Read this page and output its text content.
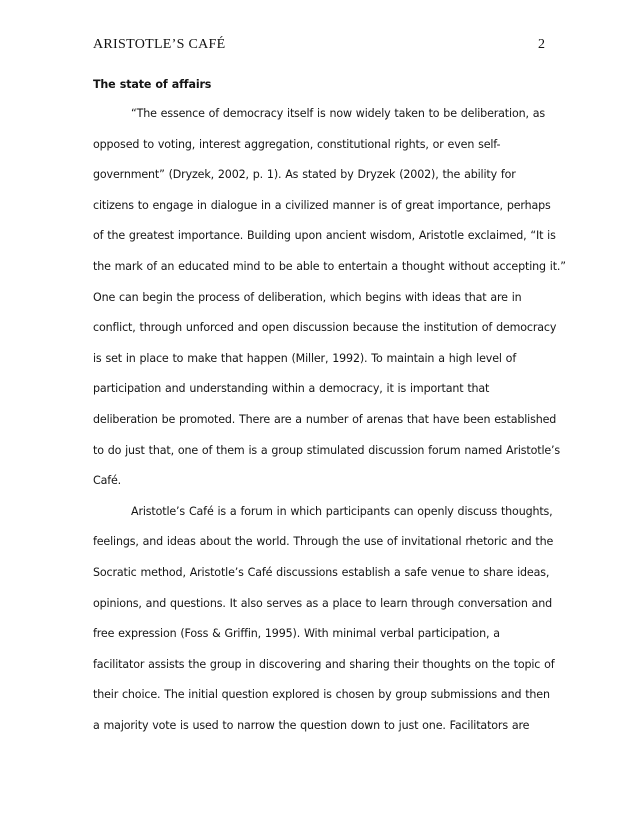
ARISTOTLE’S CAFÉ	2
The state of affairs
“The essence of democracy itself is now widely taken to be deliberation, as
opposed to voting, interest aggregation, constitutional rights, or even self-
government” (Dryzek, 2002, p. 1). As stated by Dryzek (2002), the ability for
citizens to engage in dialogue in a civilized manner is of great importance, perhaps
of the greatest importance. Building upon ancient wisdom, Aristotle exclaimed, “It is
the mark of an educated mind to be able to entertain a thought without accepting it.”
One can begin the process of deliberation, which begins with ideas that are in
conflict, through unforced and open discussion because the institution of democracy
is set in place to make that happen (Miller, 1992). To maintain a high level of
participation and understanding within a democracy, it is important that
deliberation be promoted. There are a number of arenas that have been established
to do just that, one of them is a group stimulated discussion forum named Aristotle’s
Café.
Aristotle’s Café is a forum in which participants can openly discuss thoughts,
feelings, and ideas about the world. Through the use of invitational rhetoric and the
Socratic method, Aristotle’s Café discussions establish a safe venue to share ideas,
opinions, and questions. It also serves as a place to learn through conversation and
free expression (Foss & Griffin, 1995). With minimal verbal participation, a
facilitator assists the group in discovering and sharing their thoughts on the topic of
their choice. The initial question explored is chosen by group submissions and then
a majority vote is used to narrow the question down to just one. Facilitators are
